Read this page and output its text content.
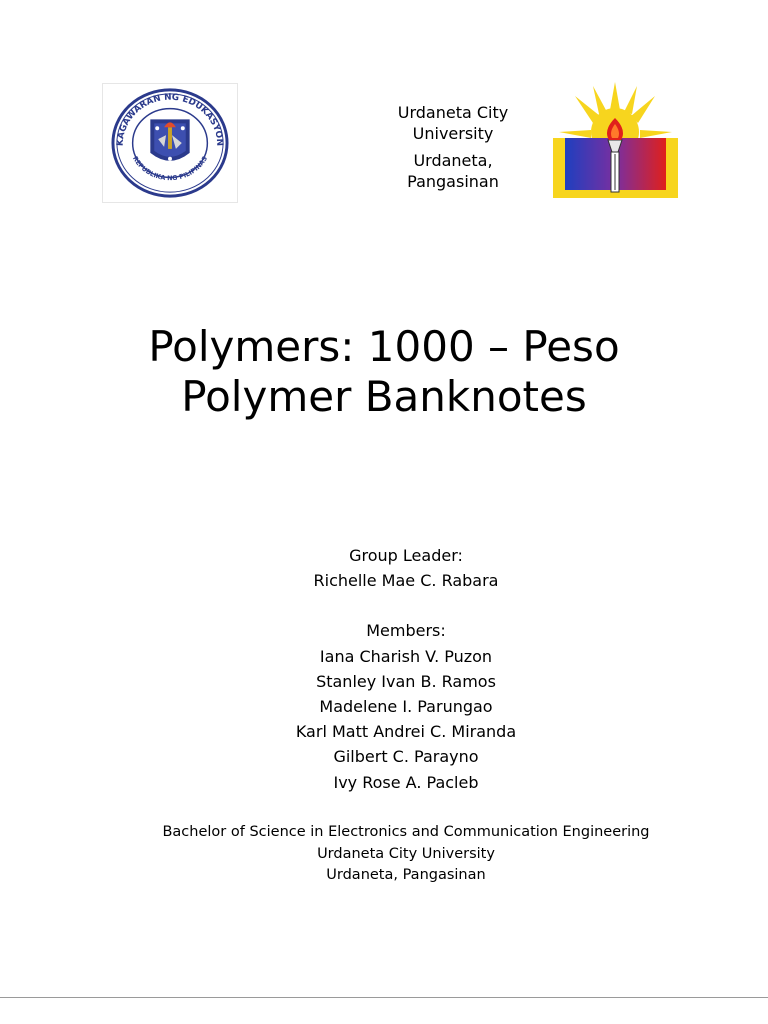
KAGAWARAN NG EDUKASYON
REPUBLIKA NG PILIPINAS
Urdaneta City
University
Urdaneta,
Pangasinan
Polymers: 1000 – Peso
Polymer Banknotes
Group Leader:
Richelle Mae C. Rabara
Members:
Iana Charish V. Puzon
Stanley Ivan B. Ramos
Madelene I. Parungao
Karl Matt Andrei C. Miranda
Gilbert C. Parayno
Ivy Rose A. Pacleb
Bachelor of Science in Electronics and Communication Engineering
Urdaneta City University
Urdaneta, Pangasinan
